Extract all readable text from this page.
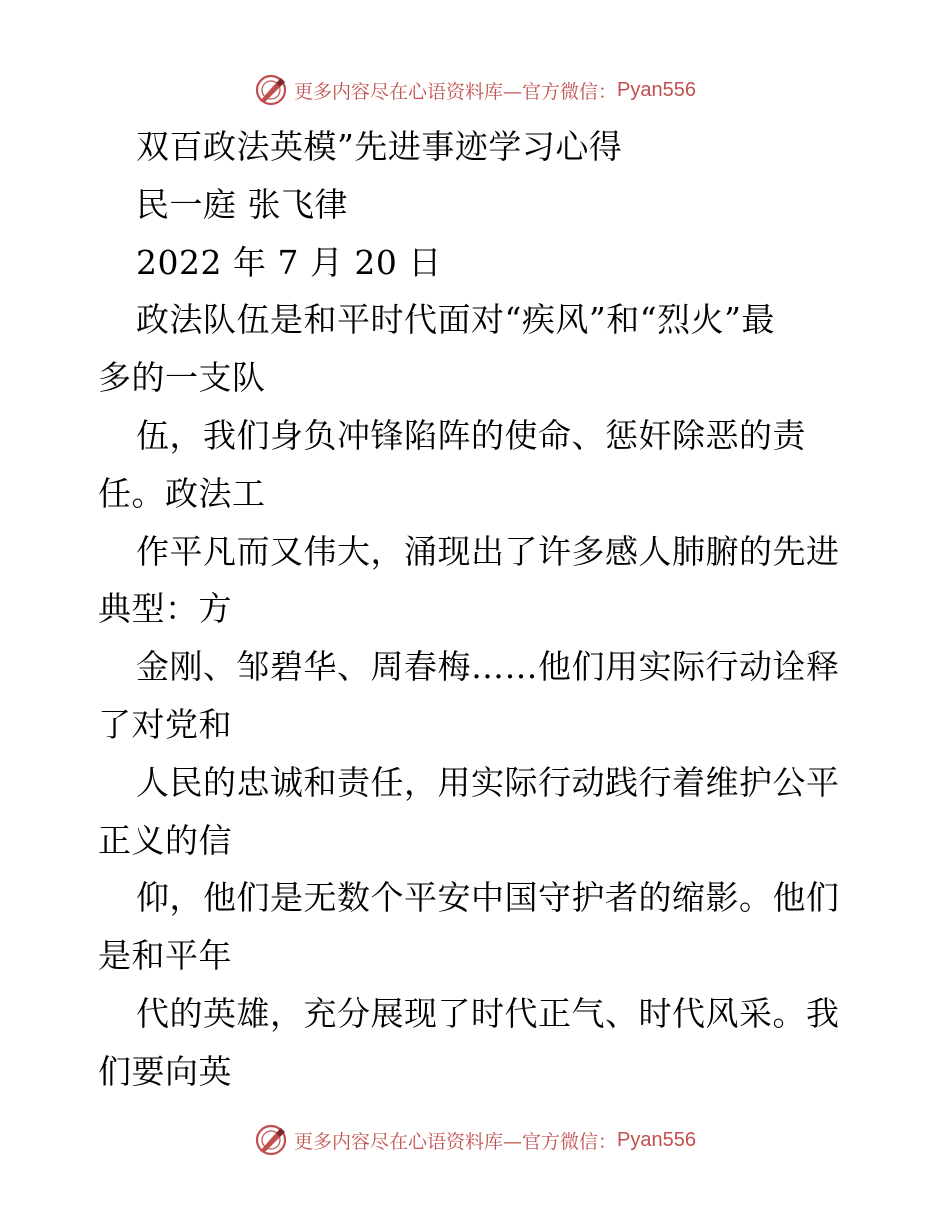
更多内容尽在心语资料库—官方微信： Pyan556
双百政法英模”先进事迹学习心得
民一庭 张飞律
2022 年 7 月 20 日
政法队伍是和平时代面对“疾风”和“烈火”最
多的一支队
伍，我们身负冲锋陷阵的使命、惩奸除恶的责
任。政法工
作平凡而又伟大，涌现出了许多感人肺腑的先进
典型：方
金刚、邹碧华、周春梅……他们用实际行动诠释
了对党和
人民的忠诚和责任，用实际行动践行着维护公平
正义的信
仰，他们是无数个平安中国守护者的缩影。他们
是和平年
代的英雄，充分展现了时代正气、时代风采。我
们要向英
更多内容尽在心语资料库—官方微信： Pyan556
